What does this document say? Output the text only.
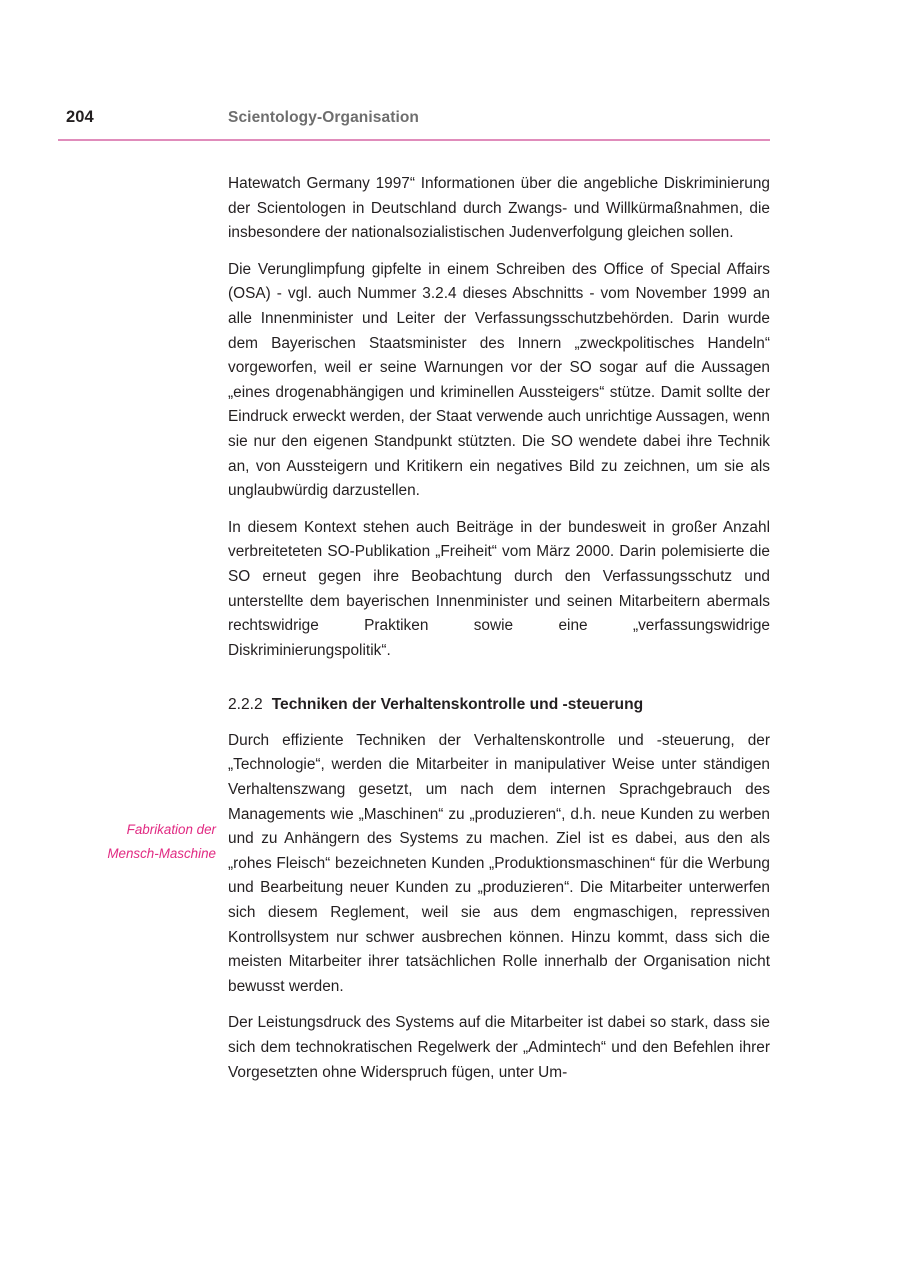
204	Scientology-Organisation
Fabrikation der
Mensch-Maschine

Hatewatch Germany 1997“ Informationen über die angebliche Diskriminierung der Scientologen in Deutschland durch Zwangs- und Willkürmaßnahmen, die insbesondere der nationalsozialistischen Judenverfolgung gleichen sollen.

Die Verunglimpfung gipfelte in einem Schreiben des Office of Special Affairs (OSA) - vgl. auch Nummer 3.2.4 dieses Abschnitts - vom November 1999 an alle Innenminister und Leiter der Verfassungsschutzbehörden. Darin wurde dem Bayerischen Staatsminister des Innern „zweckpolitisches Handeln“ vorgeworfen, weil er seine Warnungen vor der SO sogar auf die Aussagen „eines drogenabhängigen und kriminellen Aussteigers“ stütze. Damit sollte der Eindruck erweckt werden, der Staat verwende auch unrichtige Aussagen, wenn sie nur den eigenen Standpunkt stützten. Die SO wendete dabei ihre Technik an, von Aussteigern und Kritikern ein negatives Bild zu zeichnen, um sie als unglaubwürdig darzustellen.

In diesem Kontext stehen auch Beiträge in der bundesweit in großer Anzahl verbreiteteten SO-Publikation „Freiheit“ vom März 2000. Darin polemisierte die SO erneut gegen ihre Beobachtung durch den Verfassungsschutz und unterstellte dem bayerischen Innenminister und seinen Mitarbeitern abermals rechtswidrige Praktiken sowie eine „verfassungswidrige Diskriminierungspolitik“.

2.2.2 Techniken der Verhaltenskontrolle und -steuerung

Durch effiziente Techniken der Verhaltenskontrolle und -steuerung, der „Technologie“, werden die Mitarbeiter in manipulativer Weise unter ständigen Verhaltenszwang gesetzt, um nach dem internen Sprachgebrauch des Managements wie „Maschinen“ zu „produzieren“, d.h. neue Kunden zu werben und zu Anhängern des Systems zu machen. Ziel ist es dabei, aus den als „rohes Fleisch“ bezeichneten Kunden „Produktionsmaschinen“ für die Werbung und Bearbeitung neuer Kunden zu „produzieren“. Die Mitarbeiter unterwerfen sich diesem Reglement, weil sie aus dem engmaschigen, repressiven Kontrollsystem nur schwer ausbrechen können. Hinzu kommt, dass sich die meisten Mitarbeiter ihrer tatsächlichen Rolle innerhalb der Organisation nicht bewusst werden.

Der Leistungsdruck des Systems auf die Mitarbeiter ist dabei so stark, dass sie sich dem technokratischen Regelwerk der „Admintech“ und den Befehlen ihrer Vorgesetzten ohne Widerspruch fügen, unter Um-
